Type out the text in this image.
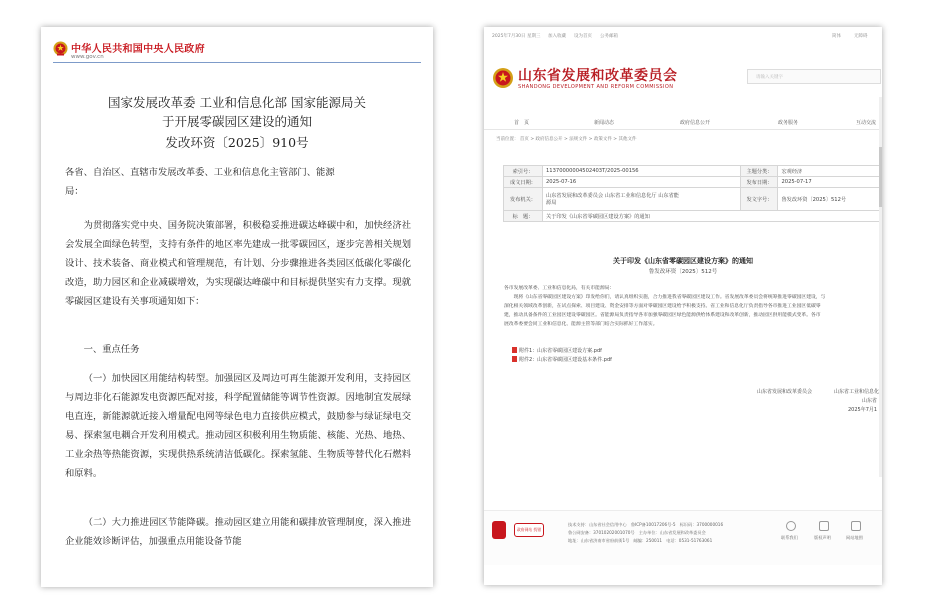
中华人民共和国中央人民政府
www.gov.cn
国家发展改革委 工业和信息化部 国家能源局关
于开展零碳园区建设的通知
发改环资〔2025〕910号
各省、自治区、直辖市发展改革委、工业和信息化主管部门、能源
局：
为贯彻落实党中央、国务院决策部署，积极稳妥推进碳达峰碳中和，加快经济社会发展全面绿色转型，支持有条件的地区率先建成一批零碳园区，逐步完善相关规划设计、技术装备、商业模式和管理规范，有计划、分步骤推进各类园区低碳化零碳化改造，助力园区和企业减碳增效，为实现碳达峰碳中和目标提供坚实有力支撑。现就零碳园区建设有关事项通知如下：
一、重点任务
（一）加快园区用能结构转型。加强园区及周边可再生能源开发利用，支持园区与周边非化石能源发电资源匹配对接，科学配置储能等调节性资源。因地制宜发展绿电直连，新能源就近接入增量配电网等绿色电力直接供应模式，鼓励参与绿证绿电交易、探索氢电耦合开发利用模式。推动园区积极利用生物质能、核能、光热、地热、工业余热等热能资源，实现供热系统清洁低碳化。探索氢能、生物质等替代化石燃料和原料。
（二）大力推进园区节能降碳。推动园区建立用能和碳排放管理制度，深入推进企业能效诊断评估，加强重点用能设备节能
2025年7月30日 星期三 加入收藏 设为首页 公务邮箱	简体	无障碍
山东省发展和改革委员会
SHANDONG DEVELOPMENT AND REFORM COMMISSION
请输入关键字
首　页	新闻动态	政府信息公开	政务服务	互动交流
当前位置： 首页 > 政府信息公开 > 法规文件 > 政策文件 > 其他文件
索引号：	11370000004502403T/2025-00156	主题分类：	宏观经济
成文日期：	2025-07-16	发布日期：	2025-07-17
发布机关：	山东省发展和改革委员会 山东省工业和信息化厅 山东省能
源局	发文字号：	鲁发改环资〔2025〕512号
标　题：	关于印发《山东省零碳园区建设方案》的通知		
关于印发《山东省零碳园区建设方案》的通知
鲁发改环资〔2025〕512号
各市发展改革委、工业和信息化局，有关市能源局：
　　现将《山东省零碳园区建设方案》印发给你们，请认真组织实施，合力推进我省零碳园区建设工作。省发展改革委员会将统筹推进零碳园区建设，与
深化相关领域改革创新，在试点探索、项目建设、资金安排等方面对零碳园区建设给予积极支持。省工业和信息化厅负责指导各市推进工业园区低碳零
建，推动具备条件的工业园区建设零碳园区。省能源局负责指导各市加强零碳园区绿色能源供给体系建设和改革创新，推动园区供用能模式变革。各市
展改革委要会同工业和信息化、能源主管等部门结合实际抓好工作落实。
附件1：山东省零碳园区建设方案.pdf
附件2：山东省零碳园区建设基本条件.pdf
山东省发展和改革委员会	山东省工业和信息化
山东省
2025年7月1
政府网站 找错
技术支持：山东省社会信用中心　鲁ICP备10017206号-5　标识码：3700000016
鲁公网安备：37010202001070号　主办单位：山东省发展和改革委员会
地址：山东省济南市省府前街1号　邮编：250011　电话：0531-51763061
联系我们	版权声明	网站地图
